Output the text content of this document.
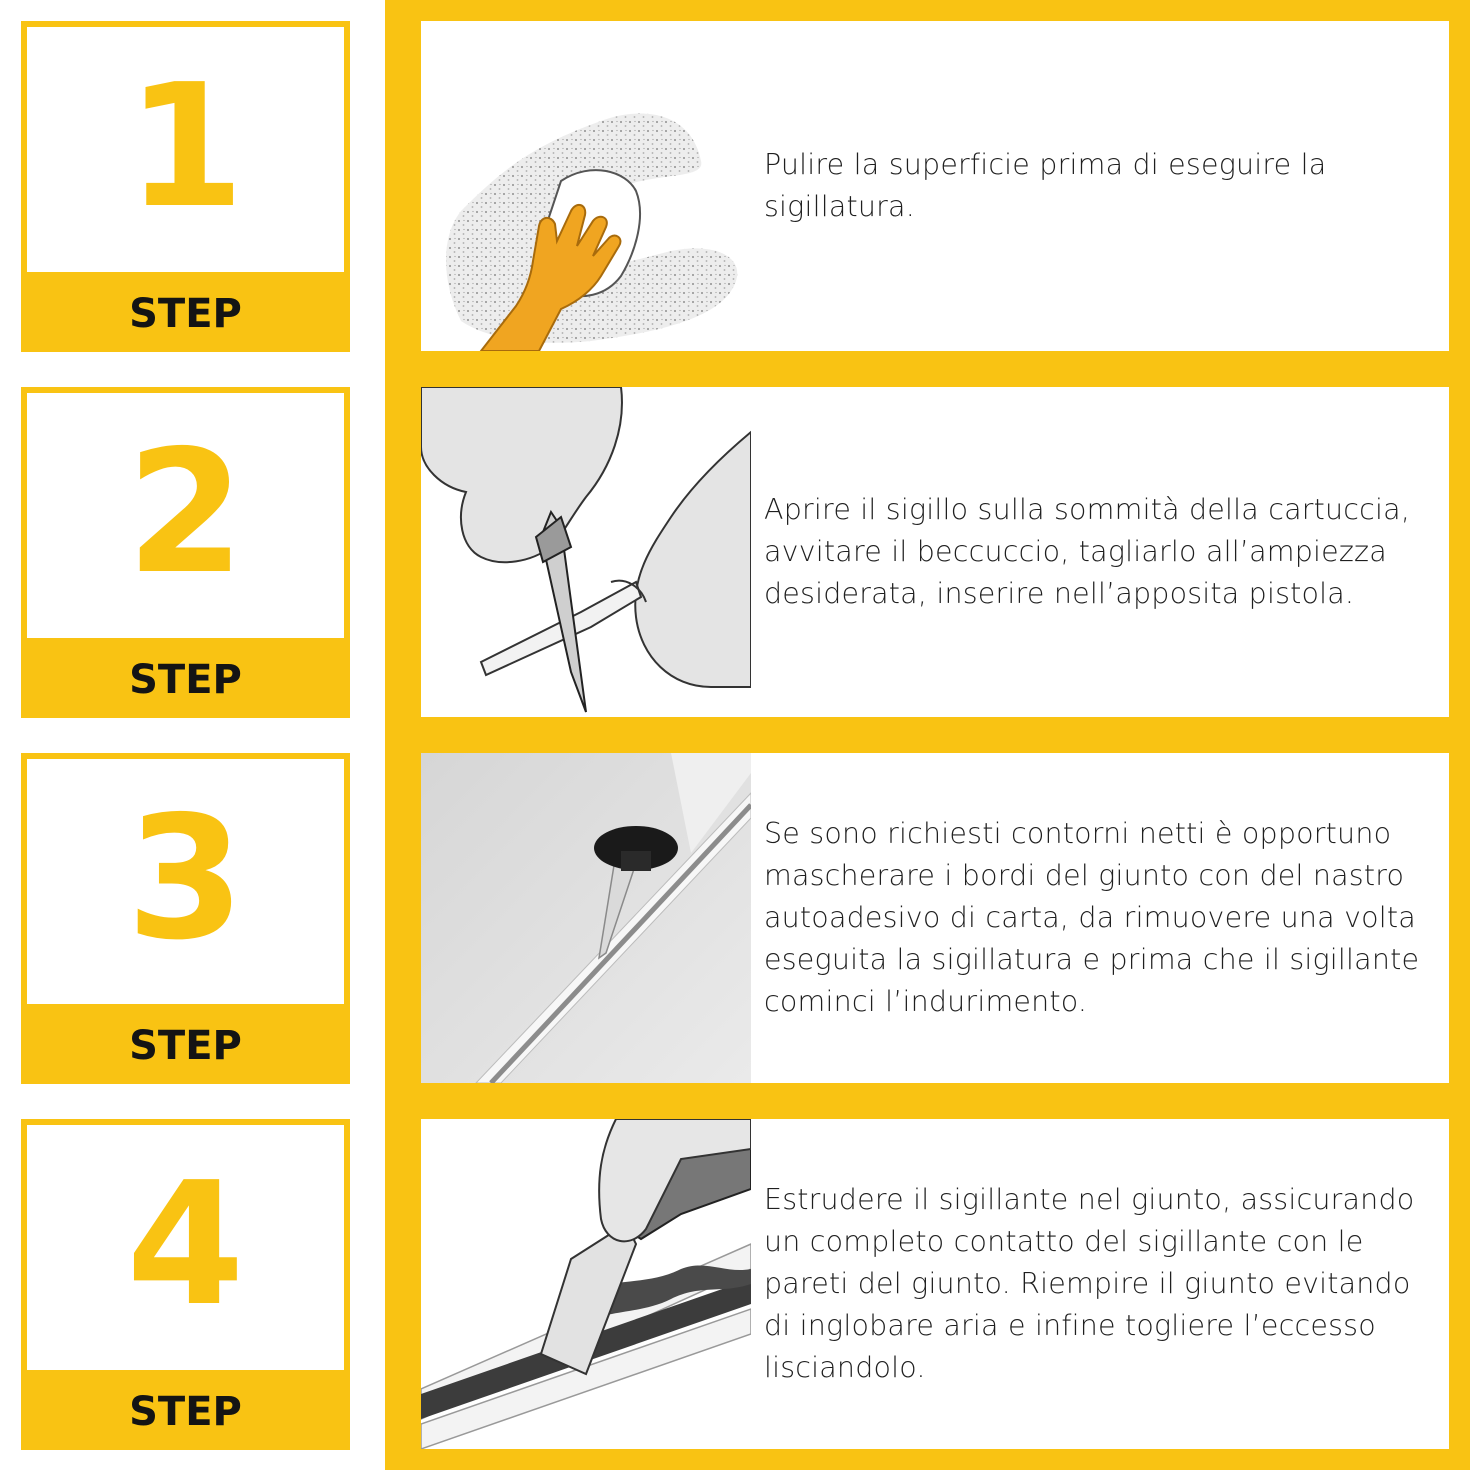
1
STEP
2
STEP
3
STEP
4
STEP
Pulire la superficie prima di eseguire la sigillatura.
Aprire il sigillo sulla sommità della cartuccia, avvitare il beccuccio, tagliarlo all’ampiezza desiderata, inserire nell’apposita pistola.
Se sono richiesti contorni netti è opportuno mascherare i bordi del giunto con del nastro autoadesivo di carta, da rimuovere una volta eseguita la sigillatura e prima che il sigillante cominci l’indurimento.
Estrudere il sigillante nel giunto, assicurando un completo contatto del sigillante con le pareti del giunto. Riempire il giunto evitando di inglobare aria e infine togliere l’eccesso lisciandolo.
